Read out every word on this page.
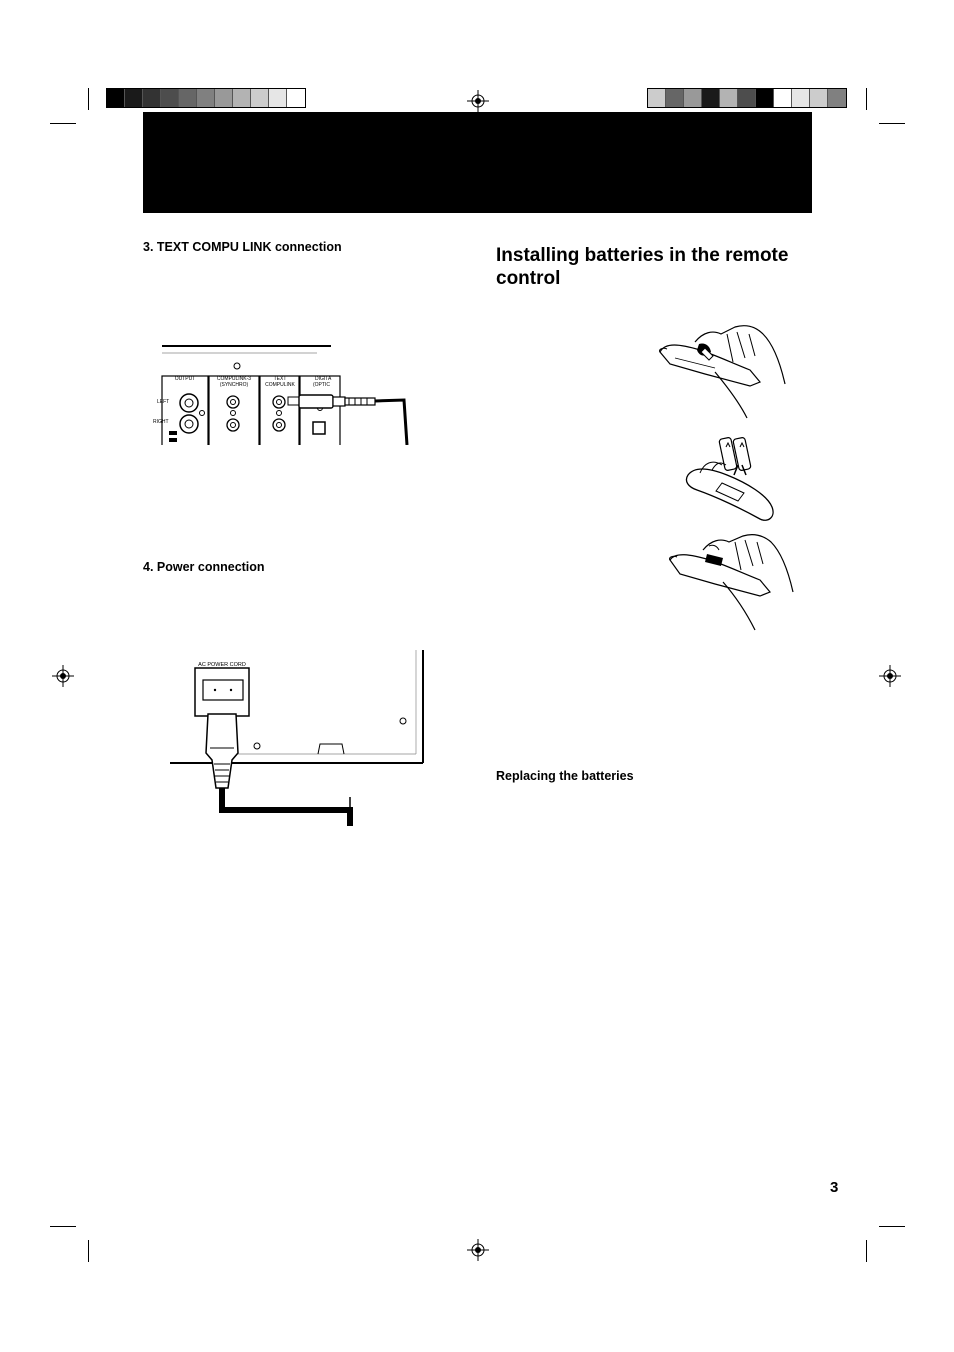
3. TEXT COMPU LINK connection
4. Power connection
Installing batteries in the remote control
Replacing the batteries
OUTPUT
LEFT
RIGHT
COMPULINK-3
(SYNCHRO)
TEXT
COMPULINK
DIGITA
(OPTIC
AC POWER CORD
3
